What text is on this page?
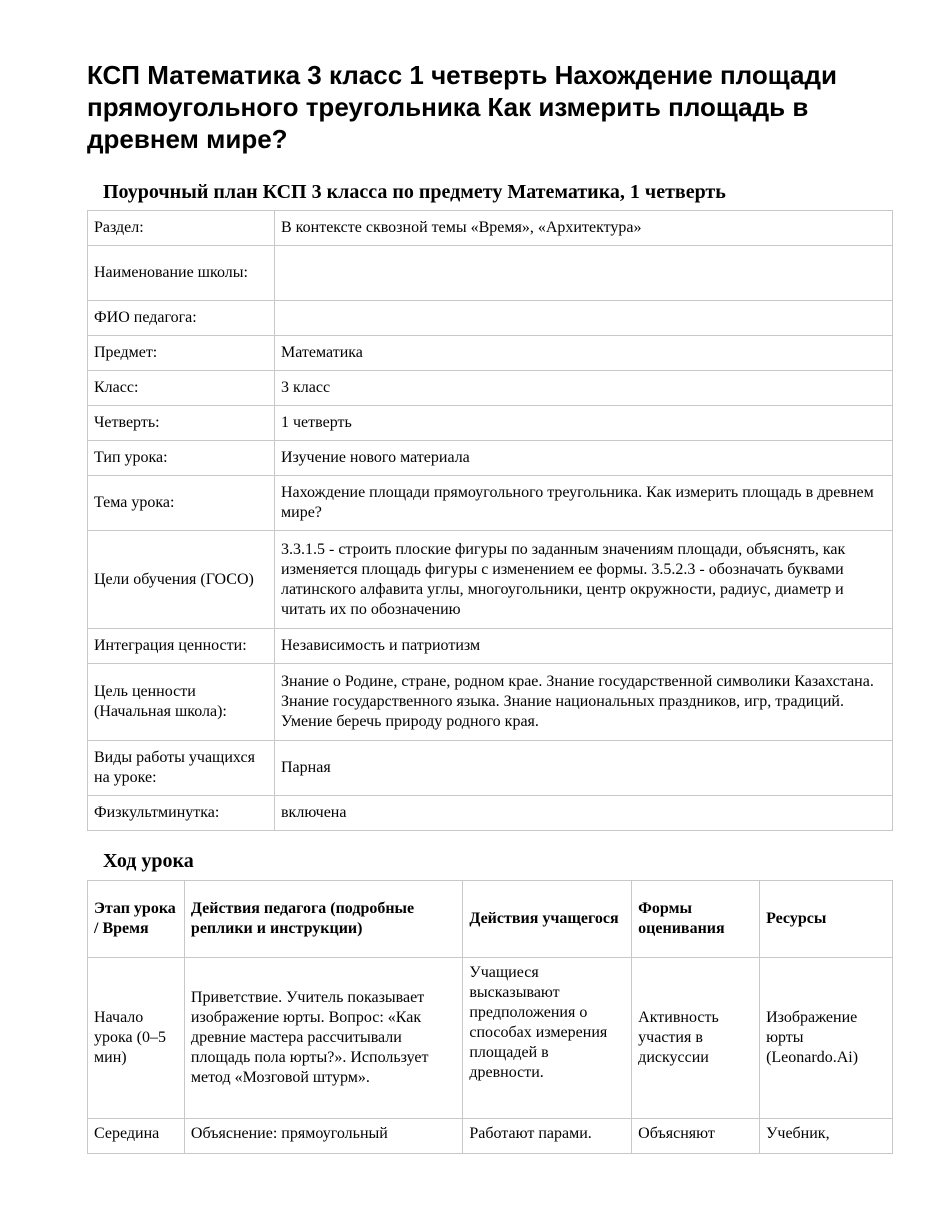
КСП Математика 3 класс 1 четверть Нахождение площади прямоугольного треугольника Как измерить площадь в древнем мире?
Поурочный план КСП 3 класса по предмету Математика, 1 четверть
Раздел:	В контексте сквозной темы «Время», «Архитектура»
Наименование школы:	
ФИО педагога:	
Предмет:	Математика
Класс:	3 класс
Четверть:	1 четверть
Тип урока:	Изучение нового материала
Тема урока:	Нахождение площади прямоугольного треугольника. Как измерить площадь в древнем мире?
Цели обучения (ГОСО)	3.3.1.5 - строить плоские фигуры по заданным значениям площади, объяснять, как изменяется площадь фигуры с изменением ее формы. 3.5.2.3 - обозначать буквами латинского алфавита углы, многоугольники, центр окружности, радиус, диаметр и читать их по обозначению
Интеграция ценности:	Независимость и патриотизм
Цель ценности (Начальная школа):	Знание о Родине, стране, родном крае. Знание государственной символики Казахстана. Знание государственного языка. Знание национальных праздников, игр, традиций. Умение беречь природу родного края.
Виды работы учащихся на уроке:	Парная
Физкультминутка:	включена
Ход урока
Этап урока / Время	Действия педагога (подробные реплики и инструкции)	Действия учащегося	Формы оценивания	Ресурсы
Начало урока (0–5 мин)	Приветствие. Учитель показывает изображение юрты. Вопрос: «Как древние мастера рассчитывали площадь пола юрты?». Использует метод «Мозговой штурм».	Учащиеся высказывают предположения о способах измерения площадей в древности.	Активность участия в дискуссии	Изображение юрты (Leonardo.Ai)
Середина	Объяснение: прямоугольный	Работают парами.	Объясняют	Учебник,
